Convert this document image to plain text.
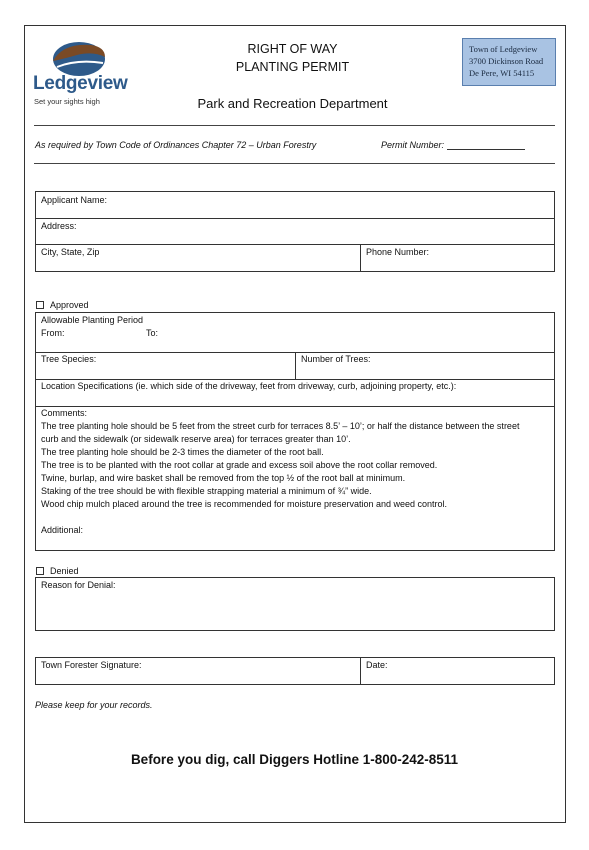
Ledgeview
Set your sights high
RIGHT OF WAY
PLANTING PERMIT
Park and Recreation Department
Town of Ledgeview
3700 Dickinson Road
De Pere, WI 54115
As required by Town Code of Ordinances Chapter 72 – Urban Forestry	Permit Number:
Applicant Name:
Address:
City, State, Zip	Phone Number:
Approved
Allowable Planting Period
From:	To:
Tree Species:	Number of Trees:
Location Specifications (ie. which side of the driveway, feet from driveway, curb, adjoining property, etc.):
Comments:
The tree planting hole should be 5 feet from the street curb for terraces 8.5’ – 10’; or half the distance between the street
curb and the sidewalk (or sidewalk reserve area) for terraces greater than 10’.
The tree planting hole should be 2-3 times the diameter of the root ball.
The tree is to be planted with the root collar at grade and excess soil above the root collar removed.
Twine, burlap, and wire basket shall be removed from the top ½ of the root ball at minimum.
Staking of the tree should be with flexible strapping material a minimum of ¾” wide.
Wood chip mulch placed around the tree is recommended for moisture preservation and weed control.
Additional:
Denied
Reason for Denial:
Town Forester Signature:	Date:
Please keep for your records.
Before you dig, call Diggers Hotline 1-800-242-8511
